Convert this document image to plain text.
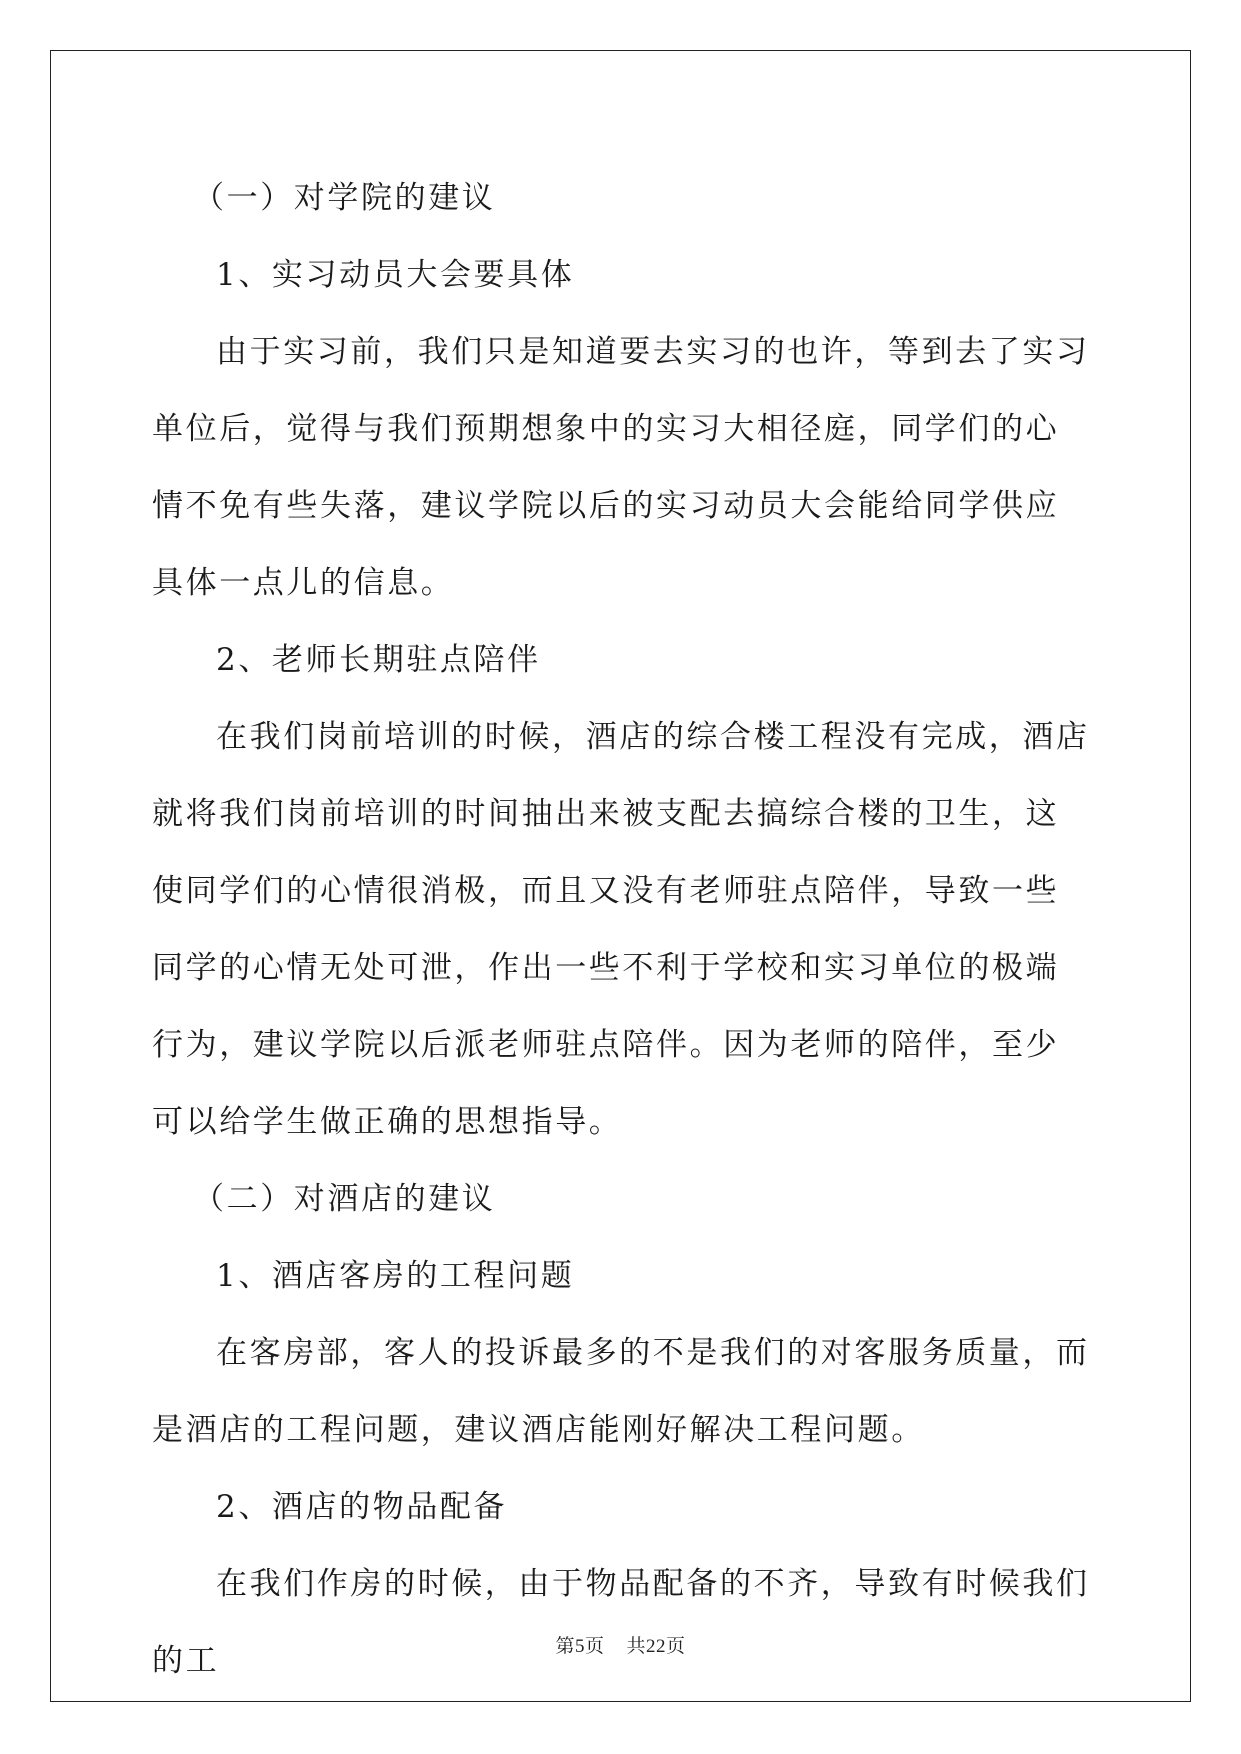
（一）对学院的建议

1、实习动员大会要具体

由于实习前，我们只是知道要去实习的也许，等到去了实习单位后，觉得与我们预期想象中的实习大相径庭，同学们的心情不免有些失落，建议学院以后的实习动员大会能给同学供应具体一点儿的信息。

2、老师长期驻点陪伴

在我们岗前培训的时候，酒店的综合楼工程没有完成，酒店就将我们岗前培训的时间抽出来被支配去搞综合楼的卫生，这使同学们的心情很消极，而且又没有老师驻点陪伴，导致一些同学的心情无处可泄，作出一些不利于学校和实习单位的极端行为，建议学院以后派老师驻点陪伴。因为老师的陪伴，至少可以给学生做正确的思想指导。

（二）对酒店的建议

1、酒店客房的工程问题

在客房部，客人的投诉最多的不是我们的对客服务质量，而是酒店的工程问题，建议酒店能刚好解决工程问题。

2、酒店的物品配备

在我们作房的时候，由于物品配备的不齐，导致有时候我们的工	第5页 共22页
